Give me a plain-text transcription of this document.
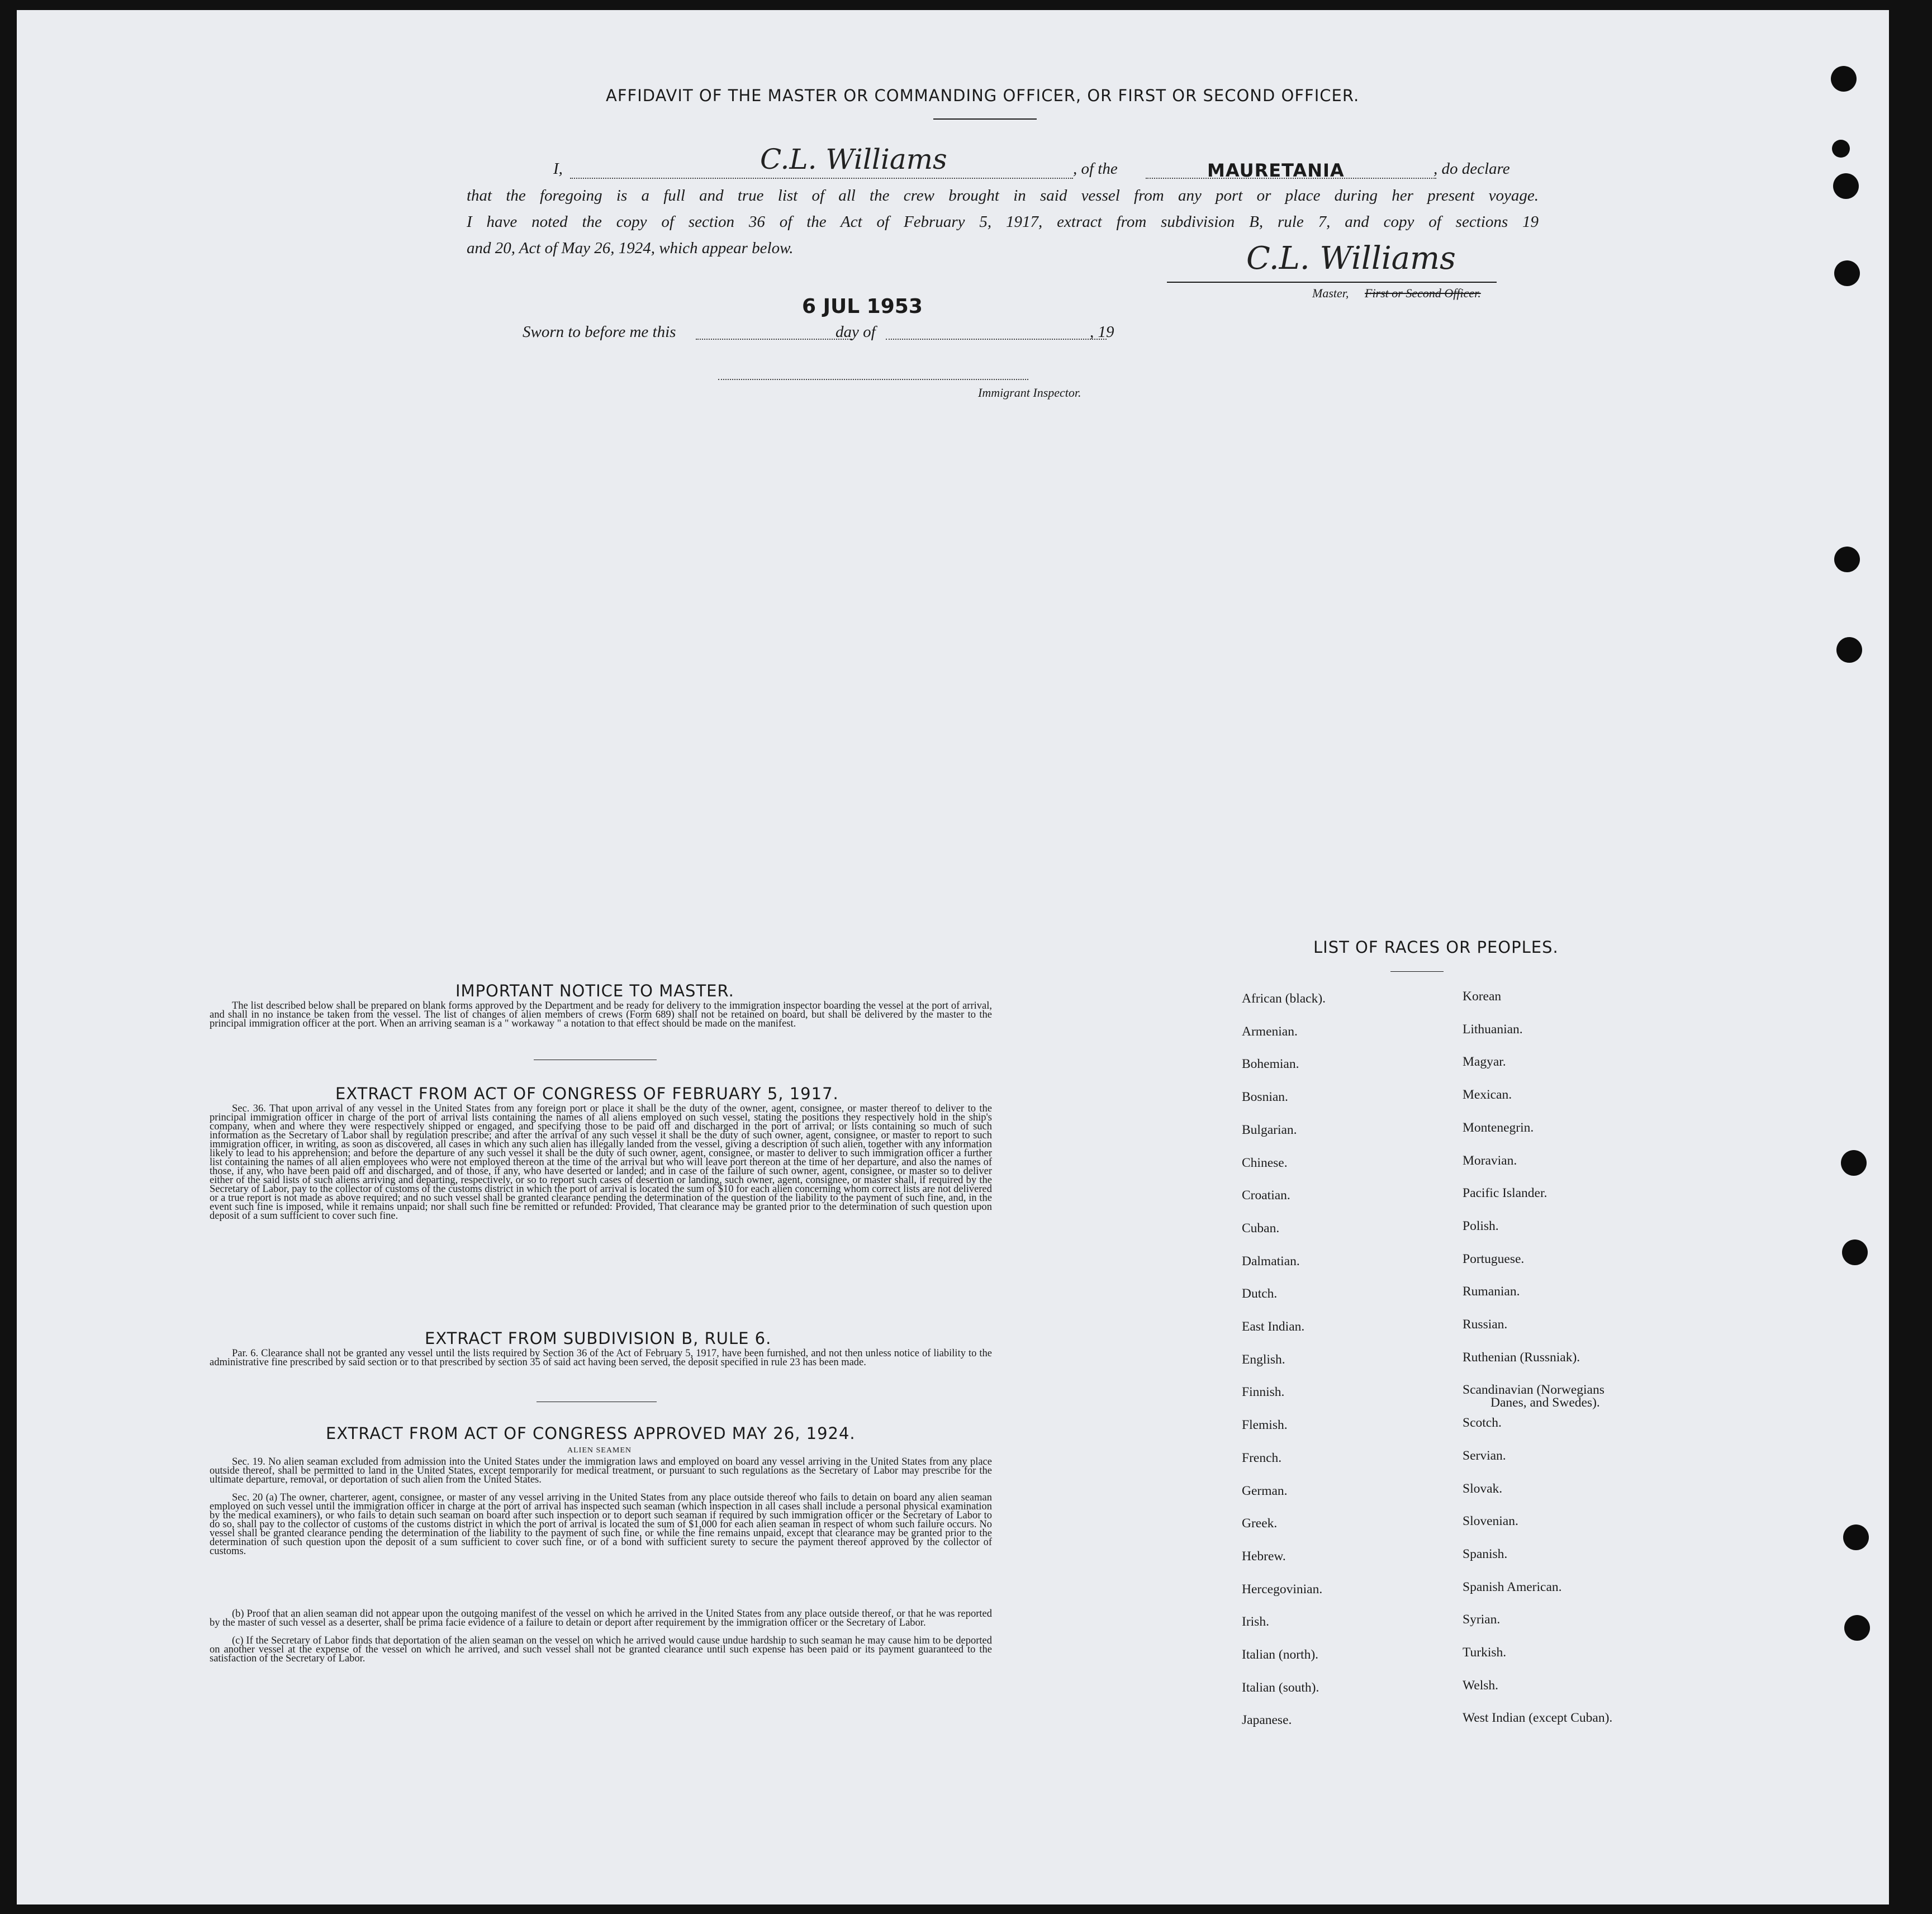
AFFIDAVIT OF THE MASTER OR COMMANDING OFFICER, OR FIRST OR SECOND OFFICER.
I,	C.L. Williams	, of the	MAURETANIA	, do declare
that the foregoing is a full and true list of all the crew brought in said vessel from any port or place during her present voyage.
I have noted the copy of section 36 of the Act of February 5, 1917, extract from subdivision B, rule 7, and copy of sections 19
and 20, Act of May 26, 1924, which appear below.	C.L. Williams
Master, First or Second Officer.
6 JUL 1953
Sworn to before me this	day of	, 19
Immigrant Inspector.
IMPORTANT NOTICE TO MASTER.
The list described below shall be prepared on blank forms approved by the Department and be ready for delivery to the immigration inspector boarding the vessel at the port of arrival, and shall in no instance be taken from the vessel. The list of changes of alien members of crews (Form 689) shall not be retained on board, but shall be delivered by the master to the principal immigration officer at the port. When an arriving seaman is a " workaway " a notation to that effect should be made on the manifest.
EXTRACT FROM ACT OF CONGRESS OF FEBRUARY 5, 1917.
Sec. 36. That upon arrival of any vessel in the United States from any foreign port or place it shall be the duty of the owner, agent, consignee, or master thereof to deliver to the principal immigration officer in charge of the port of arrival lists containing the names of all aliens employed on such vessel, stating the positions they respectively hold in the ship's company, when and where they were respectively shipped or engaged, and specifying those to be paid off and discharged in the port of arrival; or lists containing so much of such information as the Secretary of Labor shall by regulation prescribe; and after the arrival of any such vessel it shall be the duty of such owner, agent, consignee, or master to report to such immigration officer, in writing, as soon as discovered, all cases in which any such alien has illegally landed from the vessel, giving a description of such alien, together with any information likely to lead to his apprehension; and before the departure of any such vessel it shall be the duty of such owner, agent, consignee, or master to deliver to such immigration officer a further list containing the names of all alien employees who were not employed thereon at the time of the arrival but who will leave port thereon at the time of her departure, and also the names of those, if any, who have been paid off and discharged, and of those, if any, who have deserted or landed; and in case of the failure of such owner, agent, consignee, or master so to deliver either of the said lists of such aliens arriving and departing, respectively, or so to report such cases of desertion or landing, such owner, agent, consignee, or master shall, if required by the Secretary of Labor, pay to the collector of customs of the customs district in which the port of arrival is located the sum of $10 for each alien concerning whom correct lists are not delivered or a true report is not made as above required; and no such vessel shall be granted clearance pending the determination of the question of the liability to the payment of such fine, and, in the event such fine is imposed, while it remains unpaid; nor shall such fine be remitted or refunded: Provided, That clearance may be granted prior to the determination of such question upon deposit of a sum sufficient to cover such fine.
EXTRACT FROM SUBDIVISION B, RULE 6.
Par. 6. Clearance shall not be granted any vessel until the lists required by Section 36 of the Act of February 5, 1917, have been furnished, and not then unless notice of liability to the administrative fine prescribed by said section or to that prescribed by section 35 of said act having been served, the deposit specified in rule 23 has been made.
EXTRACT FROM ACT OF CONGRESS APPROVED MAY 26, 1924.
ALIEN SEAMEN
Sec. 19. No alien seaman excluded from admission into the United States under the immigration laws and employed on board any vessel arriving in the United States from any place outside thereof, shall be permitted to land in the United States, except temporarily for medical treatment, or pursuant to such regulations as the Secretary of Labor may prescribe for the ultimate departure, removal, or deportation of such alien from the United States.
Sec. 20 (a) The owner, charterer, agent, consignee, or master of any vessel arriving in the United States from any place outside thereof who fails to detain on board any alien seaman employed on such vessel until the immigration officer in charge at the port of arrival has inspected such seaman (which inspection in all cases shall include a personal physical examination by the medical examiners), or who fails to detain such seaman on board after such inspection or to deport such seaman if required by such immigration officer or the Secretary of Labor to do so, shall pay to the collector of customs of the customs district in which the port of arrival is located the sum of $1,000 for each alien seaman in respect of whom such failure occurs. No vessel shall be granted clearance pending the determination of the liability to the payment of such fine, or while the fine remains unpaid, except that clearance may be granted prior to the determination of such question upon the deposit of a sum sufficient to cover such fine, or of a bond with sufficient surety to secure the payment thereof approved by the collector of customs.
(b) Proof that an alien seaman did not appear upon the outgoing manifest of the vessel on which he arrived in the United States from any place outside thereof, or that he was reported by the master of such vessel as a deserter, shall be prima facie evidence of a failure to detain or deport after requirement by the immigration officer or the Secretary of Labor.
(c) If the Secretary of Labor finds that deportation of the alien seaman on the vessel on which he arrived would cause undue hardship to such seaman he may cause him to be deported on another vessel at the expense of the vessel on which he arrived, and such vessel shall not be granted clearance until such expense has been paid or its payment guaranteed to the satisfaction of the Secretary of Labor.
LIST OF RACES OR PEOPLES.
African (black).
Armenian.
Bohemian.
Bosnian.
Bulgarian.
Chinese.
Croatian.
Cuban.
Dalmatian.
Dutch.
East Indian.
English.
Finnish.
Flemish.
French.
German.
Greek.
Hebrew.
Hercegovinian.
Irish.
Italian (north).
Italian (south).
Japanese.
Korean
Lithuanian.
Magyar.
Mexican.
Montenegrin.
Moravian.
Pacific Islander.
Polish.
Portuguese.
Rumanian.
Russian.
Ruthenian (Russniak).
Scandinavian (Norwegians
Danes, and Swedes).
Scotch.
Servian.
Slovak.
Slovenian.
Spanish.
Spanish American.
Syrian.
Turkish.
Welsh.
West Indian (except Cuban).
